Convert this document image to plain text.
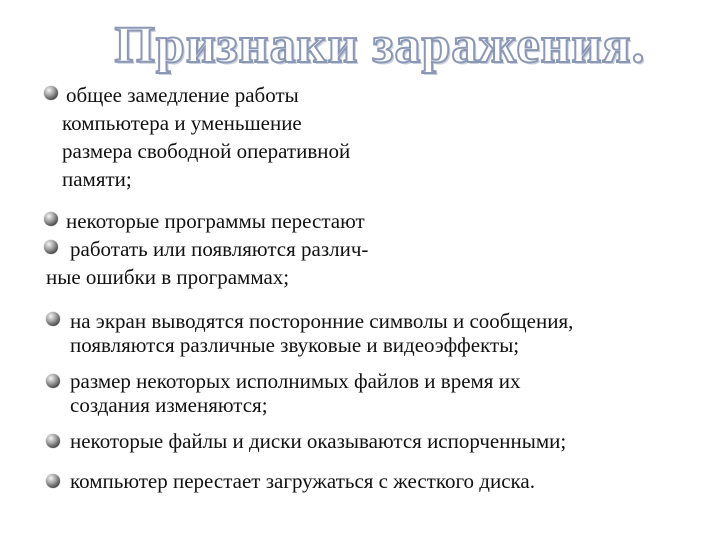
Признаки заражения.
общее замедление работы
компьютера и уменьшение
размера свободной оперативной
памяти;
некоторые программы перестают
работать или появляются различ-
ные ошибки в программах;
на экран выводятся посторонние символы и сообщения,
появляются различные звуковые и видеоэффекты;
размер некоторых исполнимых файлов и время их
создания изменяются;
некоторые файлы и диски оказываются испорченными;
компьютер перестает загружаться с жесткого диска.
